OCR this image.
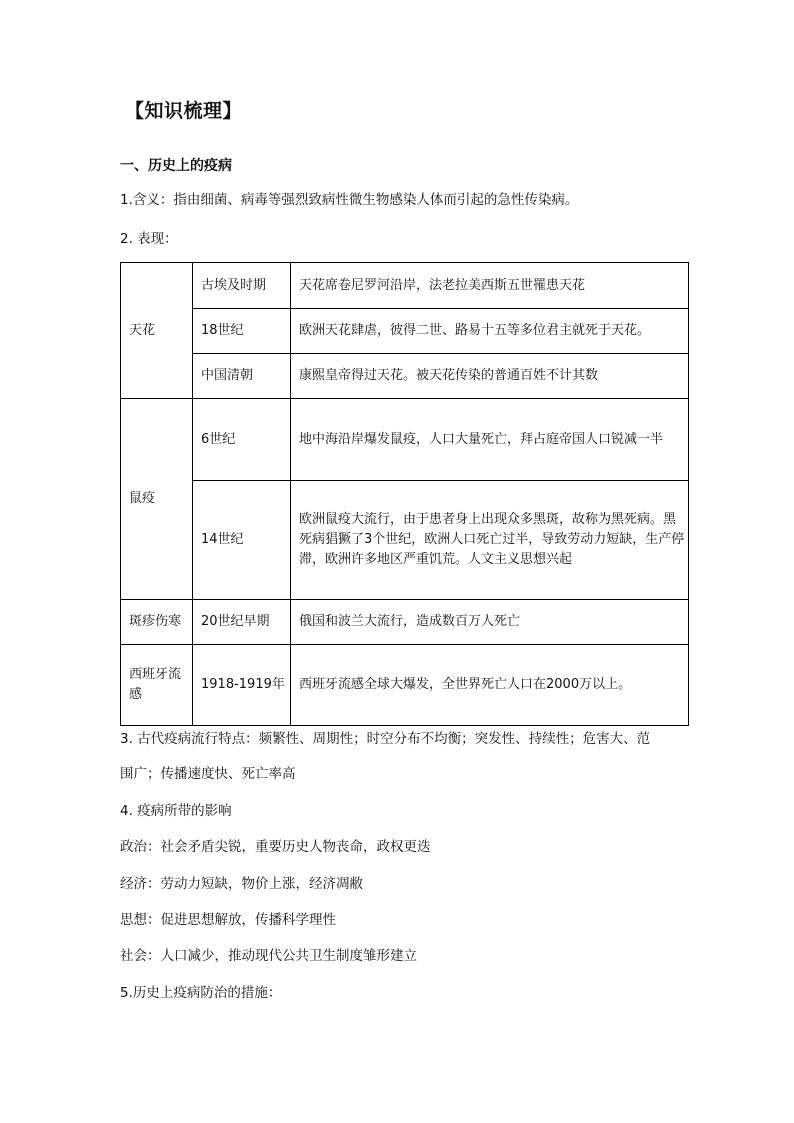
【知识梳理】
一、历史上的疫病
1.含义：指由细菌、病毒等强烈致病性微生物感染人体而引起的急性传染病。
2. 表现：
天花	古埃及时期	天花席卷尼罗河沿岸，法老拉美西斯五世罹患天花
	18世纪	欧洲天花肆虐，彼得二世、路易十五等多位君主就死于天花。
	中国清朝	康熙皇帝得过天花。被天花传染的普通百姓不计其数
鼠疫	6世纪	地中海沿岸爆发鼠疫，人口大量死亡，拜占庭帝国人口锐减一半
	14世纪	欧洲鼠疫大流行，由于患者身上出现众多黑斑，故称为黑死病。黑死病猖獗了3个世纪，欧洲人口死亡过半，导致劳动力短缺，生产停滞，欧洲许多地区严重饥荒。人文主义思想兴起
斑疹伤寒	20世纪早期	俄国和波兰大流行，造成数百万人死亡
西班牙流感	1918-1919年	西班牙流感全球大爆发，全世界死亡人口在2000万以上。
3. 古代疫病流行特点：频繁性、周期性；时空分布不均衡；突发性、持续性；危害大、范
围广；传播速度快、死亡率高
4. 疫病所带的影响
政治：社会矛盾尖锐，重要历史人物丧命，政权更迭
经济：劳动力短缺，物价上涨，经济凋敝
思想：促进思想解放，传播科学理性
社会：人口减少，推动现代公共卫生制度雏形建立
5.历史上疫病防治的措施：
